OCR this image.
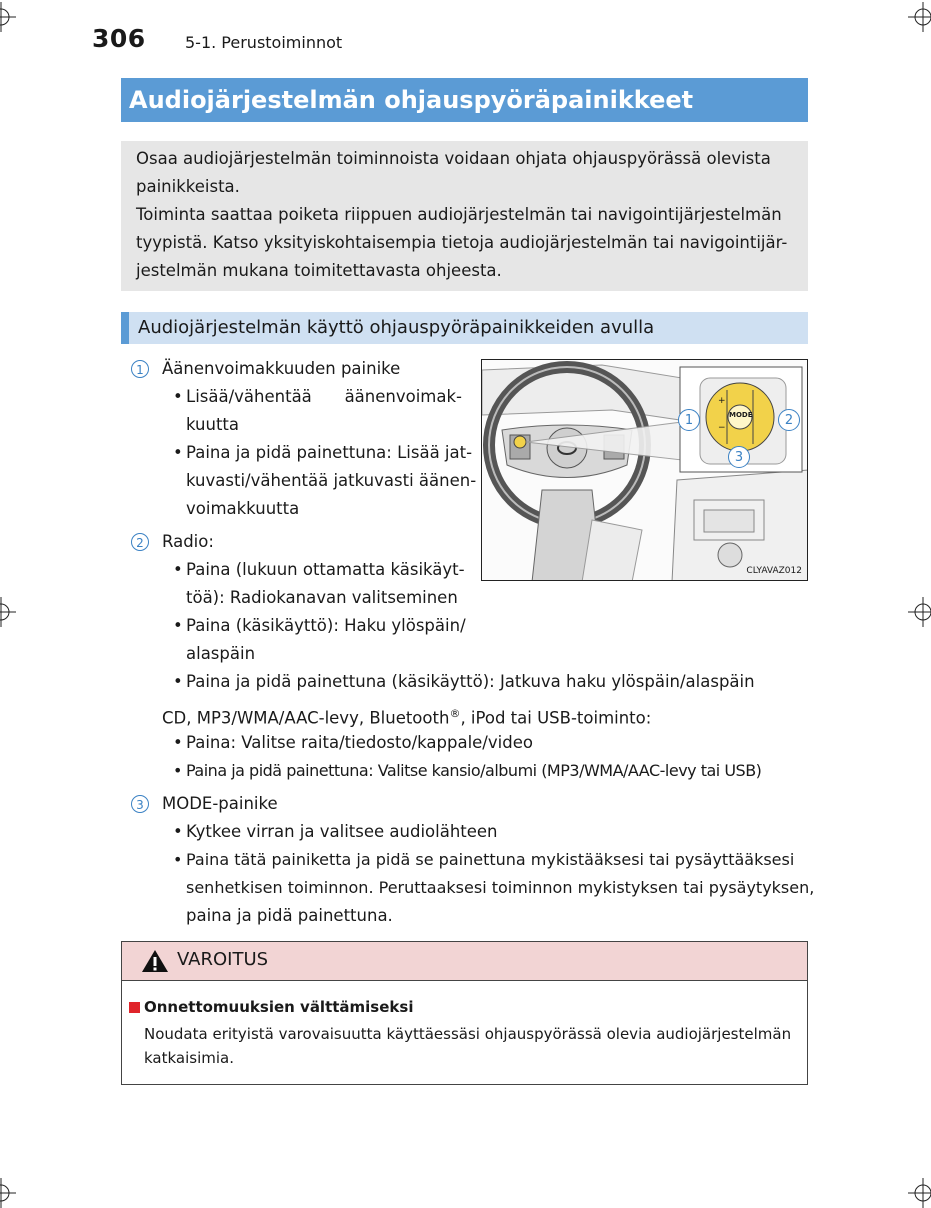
306 5-1. Perustoiminnot
Audiojärjestelmän ohjauspyöräpainikkeet

Osaa audiojärjestelmän toiminnoista voidaan ohjata ohjauspyörässä olevista

painikkeista.

Toiminta saattaa poiketa riippuen audiojärjestelmän tai navigointijärjestelmän

tyypistä. Katso yksityiskohtaisempia tietoja audiojärjestelmän tai navigointijär-

jestelmän mukana toimitettavasta ohjeesta.

Audiojärjestelmän käyttö ohjauspyöräpainikkeiden avulla
MODE
+
−
1	2
3
CLYAVAZ012
1	Äänenvoimakkuuden painike
• Lisää/vähentää äänenvoimak-
kuutta
• Paina ja pidä painettuna: Lisää jat-
kuvasti/vähentää jatkuvasti äänen-
voimakkuutta
2	Radio:
• Paina (lukuun ottamatta käsikäyt-
töä): Radiokanavan valitseminen
• Paina (käsikäyttö): Haku ylöspäin/
alaspäin
• Paina ja pidä painettuna (käsikäyttö): Jatkuva haku ylöspäin/alaspäin
CD, MP3/WMA/AAC-levy, Bluetooth®, iPod tai USB-toiminto:
• Paina: Valitse raita/tiedosto/kappale/video
• Paina ja pidä painettuna: Valitse kansio/albumi (MP3/WMA/AAC-levy tai USB)
3	MODE-painike
• Kytkee virran ja valitsee audiolähteen
• Paina tätä painiketta ja pidä se painettuna mykistääksesi tai pysäyttääksesi
senhetkisen toiminnon. Peruttaaksesi toiminnon mykistyksen tai pysäytyksen,
paina ja pidä painettuna.
VAROITUS
Onnettomuuksien välttämiseksi
Noudata erityistä varovaisuutta käyttäessäsi ohjauspyörässä olevia audiojärjestelmän
katkaisimia.
